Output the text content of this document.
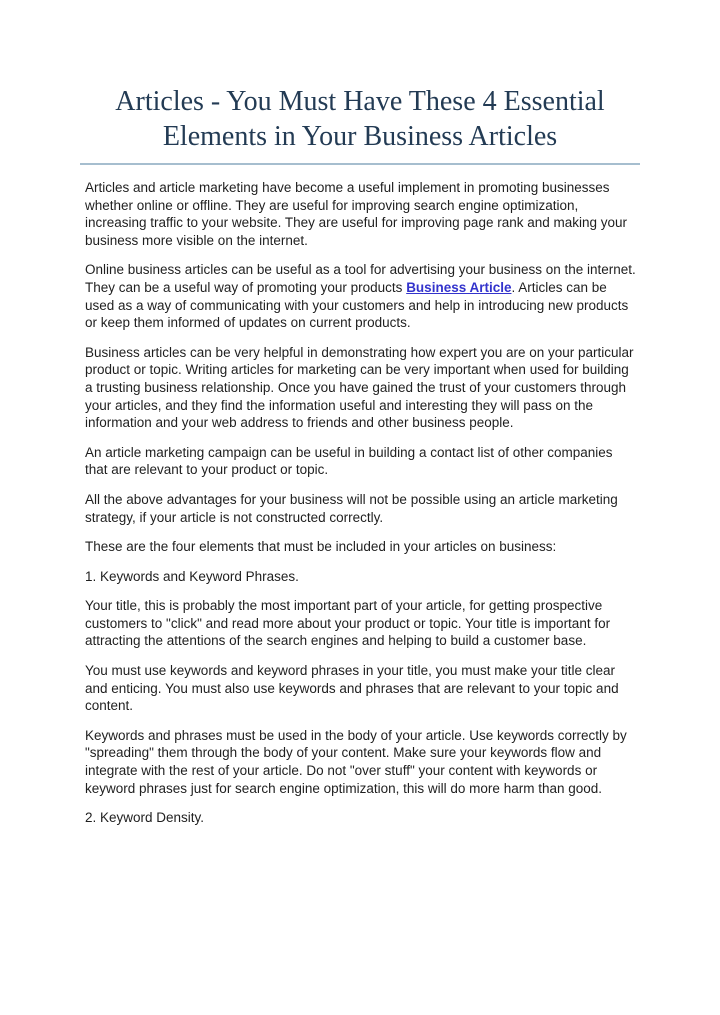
Articles - You Must Have These 4 Essential Elements in Your Business Articles

Articles and article marketing have become a useful implement in promoting businesses whether online or offline. They are useful for improving search engine optimization, increasing traffic to your website. They are useful for improving page rank and making your business more visible on the internet.

Online business articles can be useful as a tool for advertising your business on the internet. They can be a useful way of promoting your products Business Article. Articles can be used as a way of communicating with your customers and help in introducing new products or keep them informed of updates on current products.

Business articles can be very helpful in demonstrating how expert you are on your particular product or topic. Writing articles for marketing can be very important when used for building a trusting business relationship. Once you have gained the trust of your customers through your articles, and they find the information useful and interesting they will pass on the information and your web address to friends and other business people.

An article marketing campaign can be useful in building a contact list of other companies that are relevant to your product or topic.

All the above advantages for your business will not be possible using an article marketing strategy, if your article is not constructed correctly.

These are the four elements that must be included in your articles on business:

1. Keywords and Keyword Phrases.

Your title, this is probably the most important part of your article, for getting prospective customers to "click" and read more about your product or topic. Your title is important for attracting the attentions of the search engines and helping to build a customer base.

You must use keywords and keyword phrases in your title, you must make your title clear and enticing. You must also use keywords and phrases that are relevant to your topic and content.

Keywords and phrases must be used in the body of your article. Use keywords correctly by "spreading" them through the body of your content. Make sure your keywords flow and integrate with the rest of your article. Do not "over stuff" your content with keywords or keyword phrases just for search engine optimization, this will do more harm than good.

2. Keyword Density.
